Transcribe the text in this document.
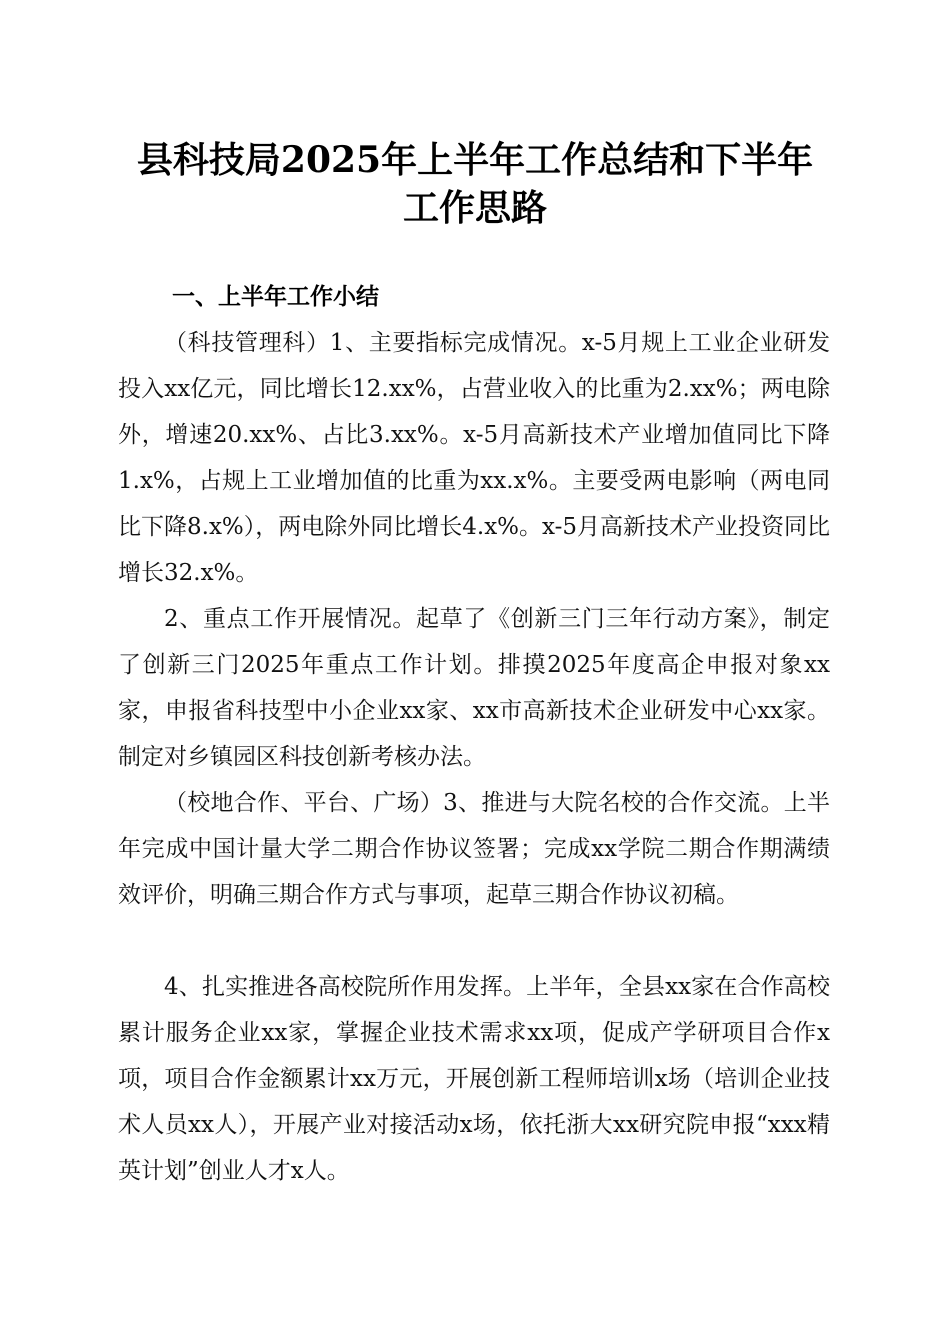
县科技局2025年上半年工作总结和下半年工作思路
一、上半年工作小结

（科技管理科）1、主要指标完成情况。x-5月规上工业企业研发投入xx亿元，同比增长12.xx%，占营业收入的比重为2.xx%；两电除外，增速20.xx%、占比3.xx%。x-5月高新技术产业增加值同比下降1.x%，占规上工业增加值的比重为xx.x%。主要受两电影响（两电同比下降8.x%），两电除外同比增长4.x%。x-5月高新技术产业投资同比增长32.x%。

2、重点工作开展情况。起草了《创新三门三年行动方案》，制定了创新三门2025年重点工作计划。排摸2025年度高企申报对象xx家，申报省科技型中小企业xx家、xx市高新技术企业研发中心xx家。制定对乡镇园区科技创新考核办法。

（校地合作、平台、广场）3、推进与大院名校的合作交流。上半年完成中国计量大学二期合作协议签署；完成xx学院二期合作期满绩效评价，明确三期合作方式与事项，起草三期合作协议初稿。

4、扎实推进各高校院所作用发挥。上半年，全县xx家在合作高校累计服务企业xx家，掌握企业技术需求xx项，促成产学研项目合作x项，项目合作金额累计xx万元，开展创新工程师培训x场（培训企业技术人员xx人），开展产业对接活动x场，依托浙大xx研究院申报“xxx精英计划”创业人才x人。
